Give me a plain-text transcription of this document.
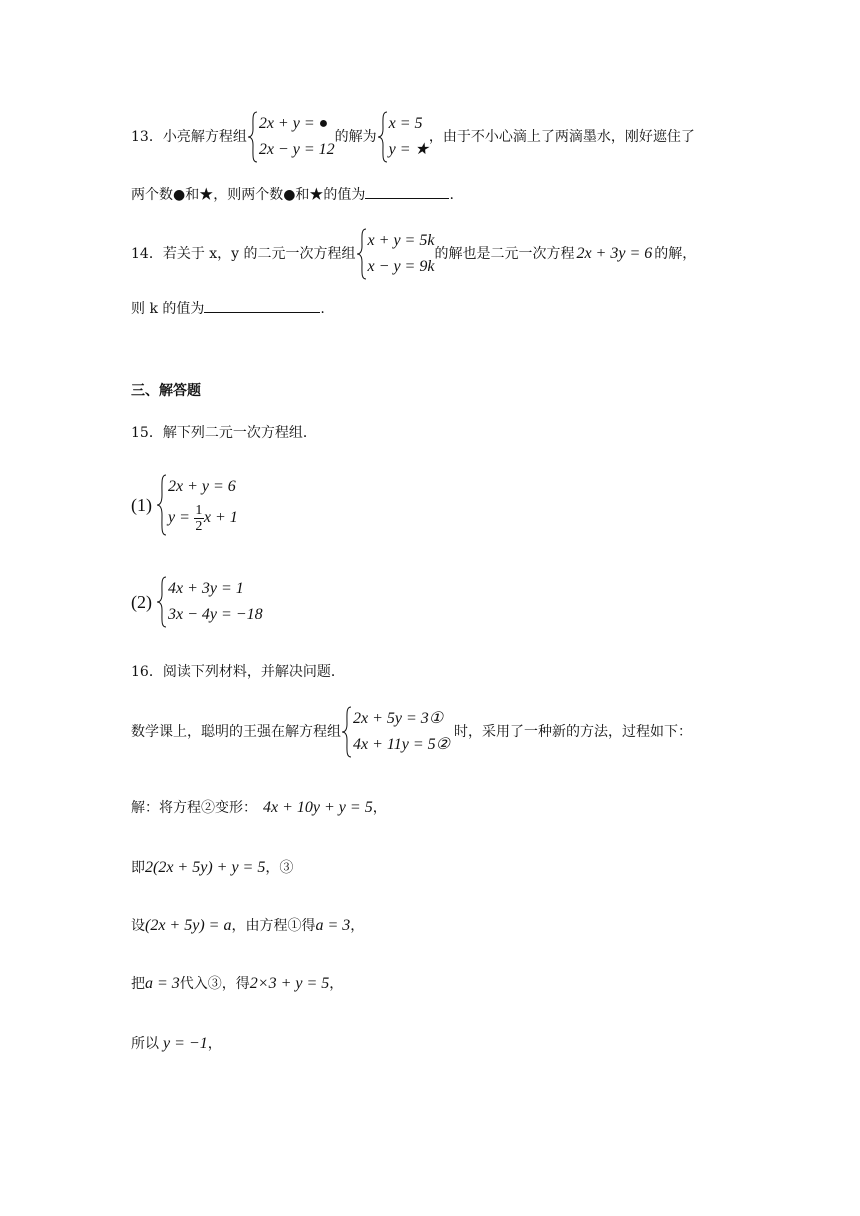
13．小亮解方程组
2x + y = ●
2x − y = 12
的解为
x = 5
y = ★
，由于不小心滴上了两滴墨水，刚好遮住了
两个数●和★，则两个数●和★的值为	.
14．若关于 x，y 的二元一次方程组
x + y = 5k
x − y = 9k
的解也是二元一次方程 2x + 3y = 6 的解，
则 k 的值为	.
三、解答题
15．解下列二元一次方程组．
(1)
2x + y = 6
$y = \frac{1}{2}$ x + 1
(2)
4x + 3y = 1
3x − 4y = −18
16．阅读下列材料，并解决问题．
数学课上，聪明的王强在解方程组
2x + 5y = 3①
4x + 11y = 5②
时，采用了一种新的方法，过程如下：
解：将方程②变形： 4x + 10y + y = 5，
即2(2x + 5y) + y = 5，③
设(2x + 5y) = a，由方程①得a = 3，
把a = 3代入③，得2×3 + y = 5，
所以 y = −1，
